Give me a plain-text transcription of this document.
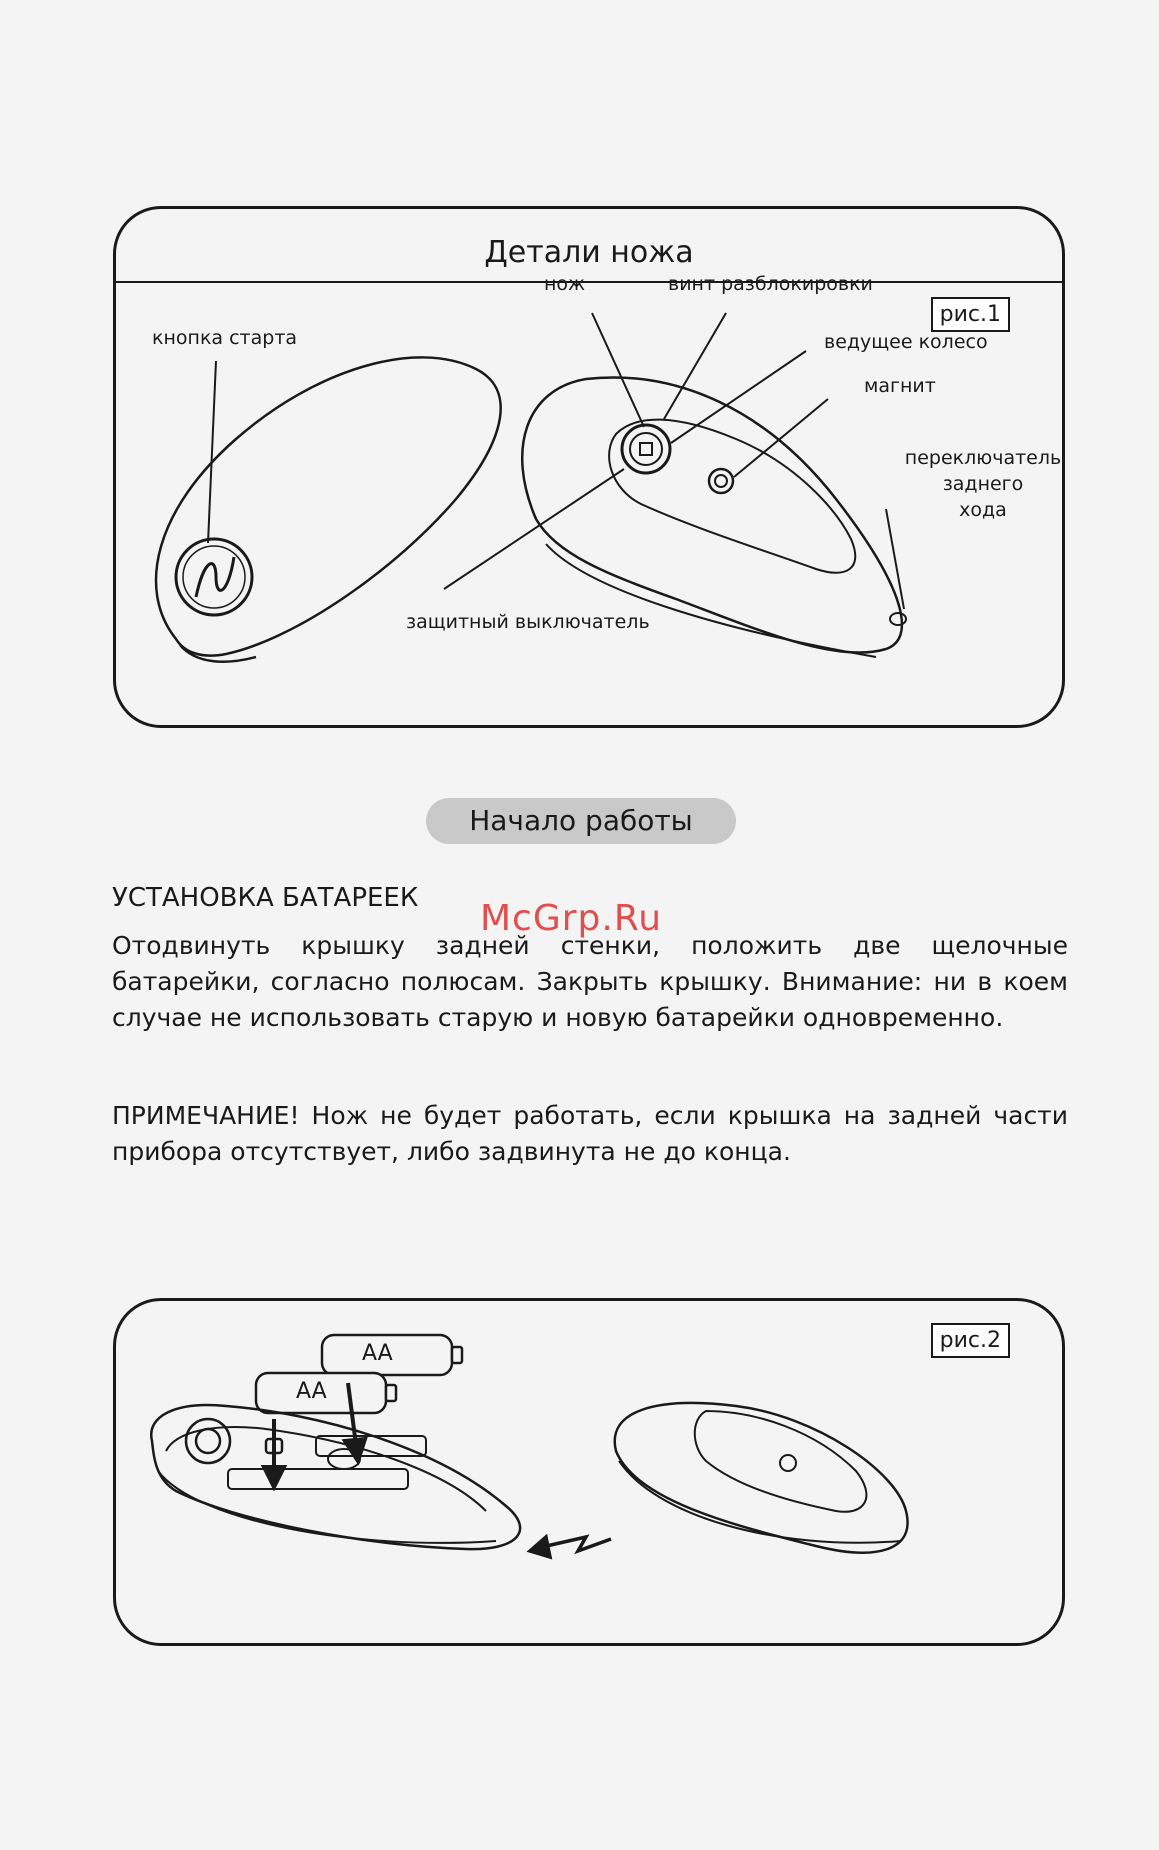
Детали ножа
рис.1
кнопка старта
нож	винт разблокировки
ведущее колесо
магнит
переключатель
заднего
хода
защитный выключатель
Начало работы
McGrp.Ru

УСТАНОВКА БАТАРЕЕК

Отодвинуть крышку задней стенки, положить две щелочные батарейки, согласно полюсам. Закрыть крышку. Внимание: ни в коем случае не использовать старую и новую батарейки одновременно.

ПРИМЕЧАНИЕ! Нож не будет работать, если крышка на задней части прибора отсутствует, либо задвинута не до конца.

рис.2
AA
AA
